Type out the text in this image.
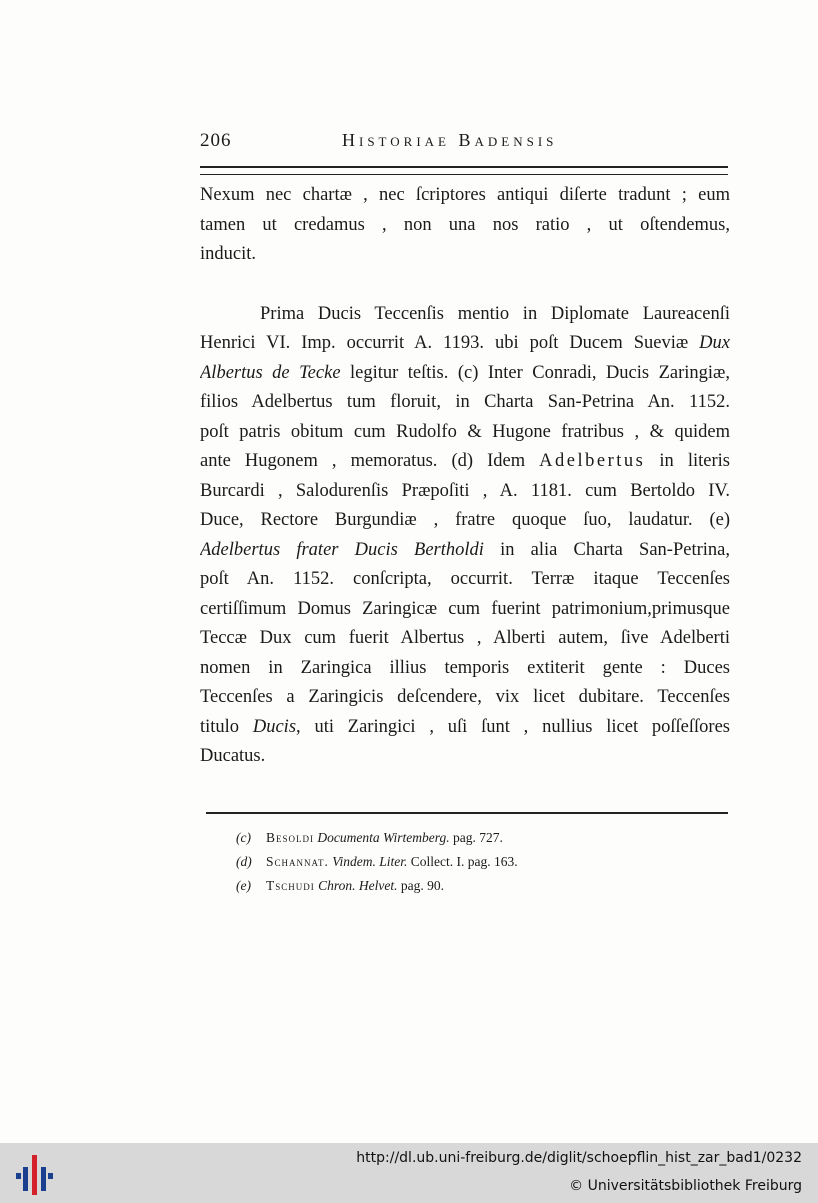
206	Historiae Badensis
Nexum nec chartæ , nec ſcriptores antiqui diſerte tradunt ; eum
tamen ut credamus , non una nos ratio , ut oſtendemus,
inducit.
Prima Ducis Teccenſis mentio in Diplomate Laureacenſi
Henrici VI. Imp. occurrit A. 1193. ubi poſt Ducem Sueviæ Dux
Albertus de Tecke legitur teſtis. (c) Inter Conradi, Ducis Zaringiæ,
filios Adelbertus tum floruit, in Charta San-Petrina An. 1152.
poſt patris obitum cum Rudolfo & Hugone fratribus , & quidem
ante Hugonem , memoratus. (d) Idem Adelbertus in literis
Burcardi , Salodurenſis Præpoſiti , A. 1181. cum Bertoldo IV.
Duce, Rectore Burgundiæ , fratre quoque ſuo, laudatur. (e)
Adelbertus frater Ducis Bertholdi in alia Charta San-Petrina,
poſt An. 1152. conſcripta, occurrit. Terræ itaque Teccenſes
certiſſimum Domus Zaringicæ cum fuerint patrimonium,primusque
Teccæ Dux cum fuerit Albertus , Alberti autem, ſive Adelberti
nomen in Zaringica illius temporis extiterit gente : Duces
Teccenſes a Zaringicis deſcendere, vix licet dubitare. Teccenſes
titulo Ducis, uti Zaringici , uſi ſunt , nullius licet poſſeſſores
Ducatus.
(c) Besoldi Documenta Wirtemberg. pag. 727.
(d) Schannat. Vindem. Liter. Collect. I. pag. 163.
(e) Tschudi Chron. Helvet. pag. 90.
http://dl.ub.uni-freiburg.de/diglit/schoepflin_hist_zar_bad1/0232
© Universitätsbibliothek Freiburg
